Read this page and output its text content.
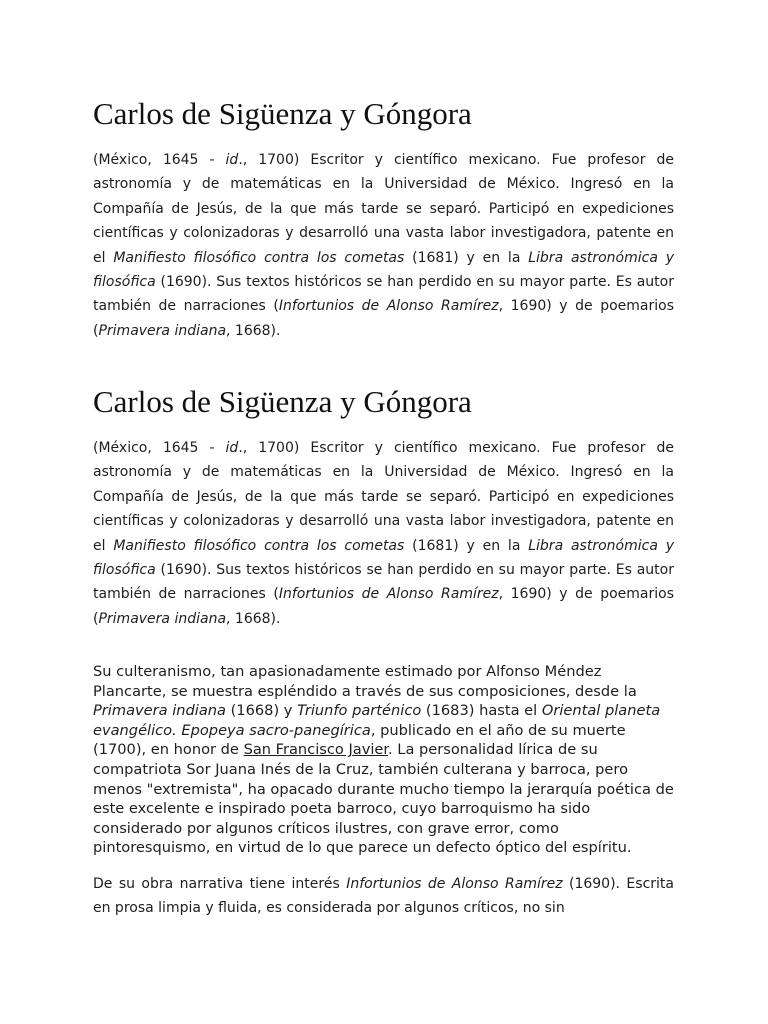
Carlos de Sigüenza y Góngora

(México, 1645 - id., 1700) Escritor y científico mexicano. Fue profesor de astronomía y de matemáticas en la Universidad de México. Ingresó en la Compañía de Jesús, de la que más tarde se separó. Participó en expediciones científicas y colonizadoras y desarrolló una vasta labor investigadora, patente en el Manifiesto filosófico contra los cometas (1681) y en la Libra astronómica y filosófica (1690). Sus textos históricos se han perdido en su mayor parte. Es autor también de narraciones (Infortunios de Alonso Ramírez, 1690) y de poemarios (Primavera indiana, 1668).

Carlos de Sigüenza y Góngora

(México, 1645 - id., 1700) Escritor y científico mexicano. Fue profesor de astronomía y de matemáticas en la Universidad de México. Ingresó en la Compañía de Jesús, de la que más tarde se separó. Participó en expediciones científicas y colonizadoras y desarrolló una vasta labor investigadora, patente en el Manifiesto filosófico contra los cometas (1681) y en la Libra astronómica y filosófica (1690). Sus textos históricos se han perdido en su mayor parte. Es autor también de narraciones (Infortunios de Alonso Ramírez, 1690) y de poemarios (Primavera indiana, 1668).

Su culteranismo, tan apasionadamente estimado por Alfonso Méndez Plancarte, se muestra espléndido a través de sus composiciones, desde la Primavera indiana (1668) y Triunfo parténico (1683) hasta el Oriental planeta evangélico. Epopeya sacro-panegírica, publicado en el año de su muerte (1700), en honor de San Francisco Javier. La personalidad lírica de su compatriota Sor Juana Inés de la Cruz, también culterana y barroca, pero menos "extremista", ha opacado durante mucho tiempo la jerarquía poética de este excelente e inspirado poeta barroco, cuyo barroquismo ha sido considerado por algunos críticos ilustres, con grave error, como pintoresquismo, en virtud de lo que parece un defecto óptico del espíritu.

De su obra narrativa tiene interés Infortunios de Alonso Ramírez (1690). Escrita en prosa limpia y fluida, es considerada por algunos críticos, no sin
